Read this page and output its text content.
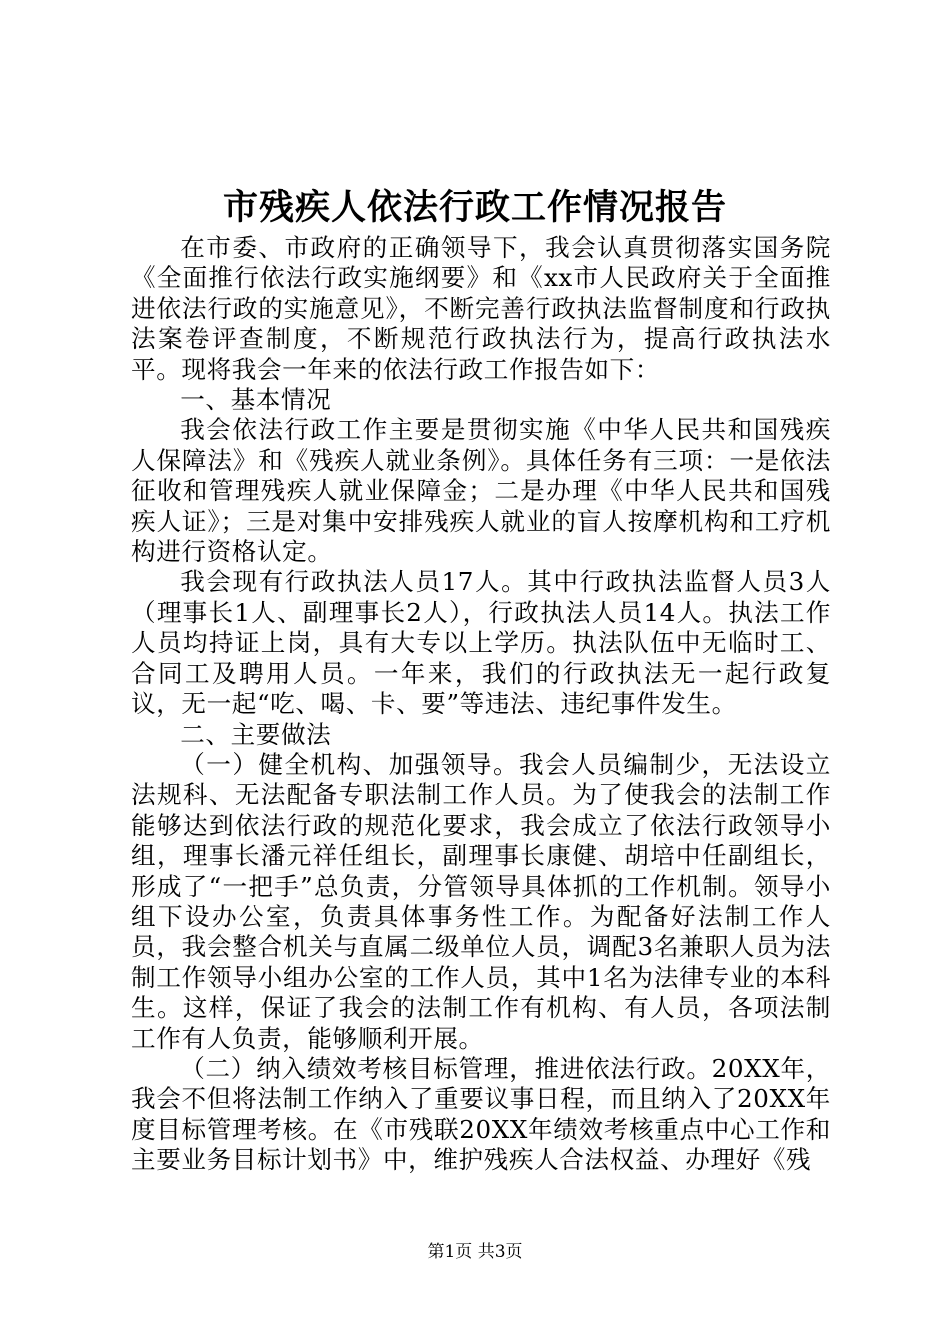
市残疾人依法行政工作情况报告

在市委、市政府的正确领导下，我会认真贯彻落实国务院《全面推行依法行政实施纲要》和《xx市人民政府关于全面推进依法行政的实施意见》，不断完善行政执法监督制度和行政执法案卷评查制度，不断规范行政执法行为，提高行政执法水平。现将我会一年来的依法行政工作报告如下：

一、基本情况

我会依法行政工作主要是贯彻实施《中华人民共和国残疾人保障法》和《残疾人就业条例》。具体任务有三项：一是依法征收和管理残疾人就业保障金；二是办理《中华人民共和国残疾人证》；三是对集中安排残疾人就业的盲人按摩机构和工疗机构进行资格认定。

我会现有行政执法人员17人。其中行政执法监督人员3人（理事长1人、副理事长2人），行政执法人员14人。执法工作人员均持证上岗，具有大专以上学历。执法队伍中无临时工、合同工及聘用人员。一年来，我们的行政执法无一起行政复议，无一起“吃、喝、卡、要”等违法、违纪事件发生。

二、主要做法

（一）健全机构、加强领导。我会人员编制少，无法设立法规科、无法配备专职法制工作人员。为了使我会的法制工作能够达到依法行政的规范化要求，我会成立了依法行政领导小组，理事长潘元祥任组长，副理事长康健、胡培中任副组长，形成了“一把手”总负责，分管领导具体抓的工作机制。领导小组下设办公室，负责具体事务性工作。为配备好法制工作人员，我会整合机关与直属二级单位人员，调配3名兼职人员为法制工作领导小组办公室的工作人员，其中1名为法律专业的本科生。这样，保证了我会的法制工作有机构、有人员，各项法制工作有人负责，能够顺利开展。

（二）纳入绩效考核目标管理，推进依法行政。20XX年，我会不但将法制工作纳入了重要议事日程，而且纳入了20XX年度目标管理考核。在《市残联20XX年绩效考核重点中心工作和主要业务目标计划书》中，维护残疾人合法权益、办理好《残

第1页 共3页
